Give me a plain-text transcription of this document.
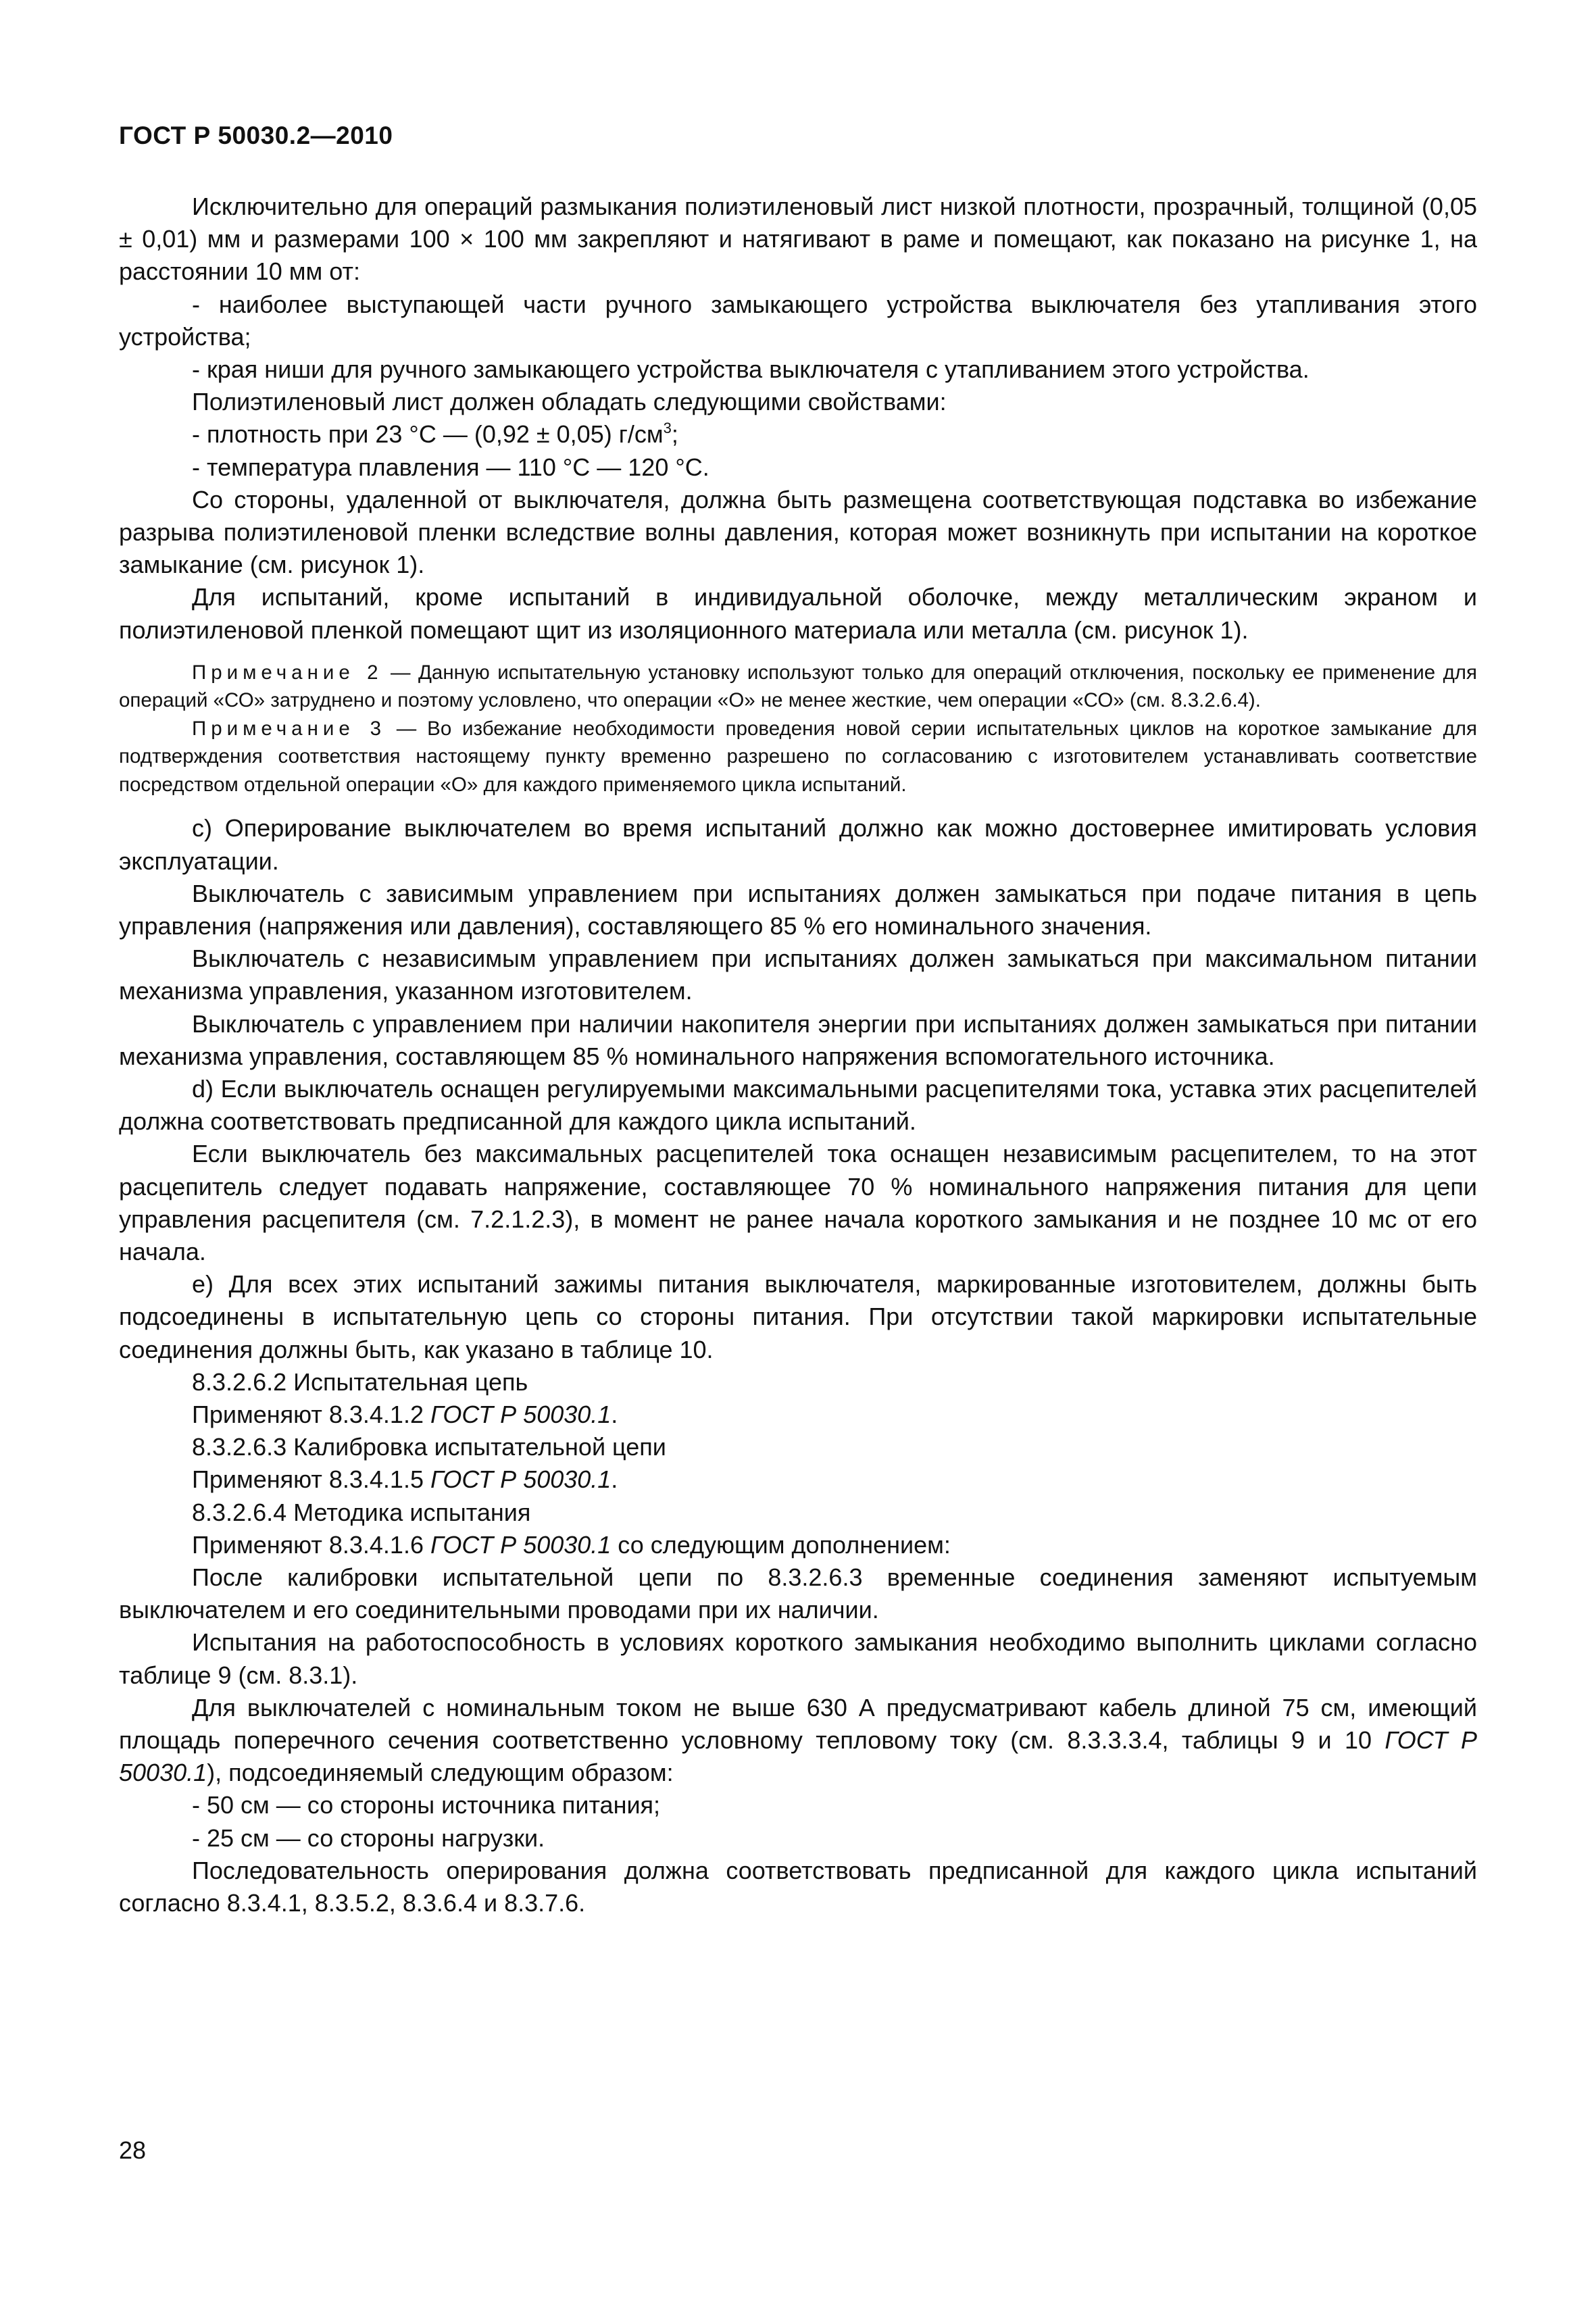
ГОСТ Р 50030.2—2010

Исключительно для операций размыкания полиэтиленовый лист низкой плотности, прозрачный, толщиной (0,05 ± 0,01) мм и размерами 100 × 100 мм закрепляют и натягивают в раме и помещают, как показано на рисунке 1, на расстоянии 10 мм от:

- наиболее выступающей части ручного замыкающего устройства выключателя без утапливания этого устройства;

- края ниши для ручного замыкающего устройства выключателя с утапливанием этого устройства.

Полиэтиленовый лист должен обладать следующими свойствами:

- плотность при 23 °С — (0,92 ± 0,05) $г/см^3$;

- температура плавления — 110 °С — 120 °С.

Со стороны, удаленной от выключателя, должна быть размещена соответствующая подставка во избежание разрыва полиэтиленовой пленки вследствие волны давления, которая может возникнуть при испытании на короткое замыкание (см. рисунок 1).

Для испытаний, кроме испытаний в индивидуальной оболочке, между металлическим экраном и полиэтиленовой пленкой помещают щит из изоляционного материала или металла (см. рисунок 1).

Примечание 2 — Данную испытательную установку используют только для операций отключения, поскольку ее применение для операций «СО» затруднено и поэтому условлено, что операции «О» не менее жесткие, чем операции «СО» (см. 8.3.2.6.4).

Примечание 3 — Во избежание необходимости проведения новой серии испытательных циклов на короткое замыкание для подтверждения соответствия настоящему пункту временно разрешено по согласованию с изготовителем устанавливать соответствие посредством отдельной операции «О» для каждого применяемого цикла испытаний.

с) Оперирование выключателем во время испытаний должно как можно достовернее имитировать условия эксплуатации.

Выключатель с зависимым управлением при испытаниях должен замыкаться при подаче питания в цепь управления (напряжения или давления), составляющего 85 % его номинального значения.

Выключатель с независимым управлением при испытаниях должен замыкаться при максимальном питании механизма управления, указанном изготовителем.

Выключатель с управлением при наличии накопителя энергии при испытаниях должен замыкаться при питании механизма управления, составляющем 85 % номинального напряжения вспомогательного источника.

d) Если выключатель оснащен регулируемыми максимальными расцепителями тока, уставка этих расцепителей должна соответствовать предписанной для каждого цикла испытаний.

Если выключатель без максимальных расцепителей тока оснащен независимым расцепителем, то на этот расцепитель следует подавать напряжение, составляющее 70 % номинального напряжения питания для цепи управления расцепителя (см. 7.2.1.2.3), в момент не ранее начала короткого замыкания и не позднее 10 мс от его начала.

е) Для всех этих испытаний зажимы питания выключателя, маркированные изготовителем, должны быть подсоединены в испытательную цепь со стороны питания. При отсутствии такой маркировки испытательные соединения должны быть, как указано в таблице 10.

8.3.2.6.2 Испытательная цепь

Применяют 8.3.4.1.2 ГОСТ Р 50030.1.

8.3.2.6.3 Калибровка испытательной цепи

Применяют 8.3.4.1.5 ГОСТ Р 50030.1.

8.3.2.6.4 Методика испытания

Применяют 8.3.4.1.6 ГОСТ Р 50030.1 со следующим дополнением:

После калибровки испытательной цепи по 8.3.2.6.3 временные соединения заменяют испытуемым выключателем и его соединительными проводами при их наличии.

Испытания на работоспособность в условиях короткого замыкания необходимо выполнить циклами согласно таблице 9 (см. 8.3.1).

Для выключателей с номинальным током не выше 630 А предусматривают кабель длиной 75 см, имеющий площадь поперечного сечения соответственно условному тепловому току (см. 8.3.3.3.4, таблицы 9 и 10 ГОСТ Р 50030.1), подсоединяемый следующим образом:

- 50 см — со стороны источника питания;

- 25 см — со стороны нагрузки.

Последовательность оперирования должна соответствовать предписанной для каждого цикла испытаний согласно 8.3.4.1, 8.3.5.2, 8.3.6.4 и 8.3.7.6.

28
